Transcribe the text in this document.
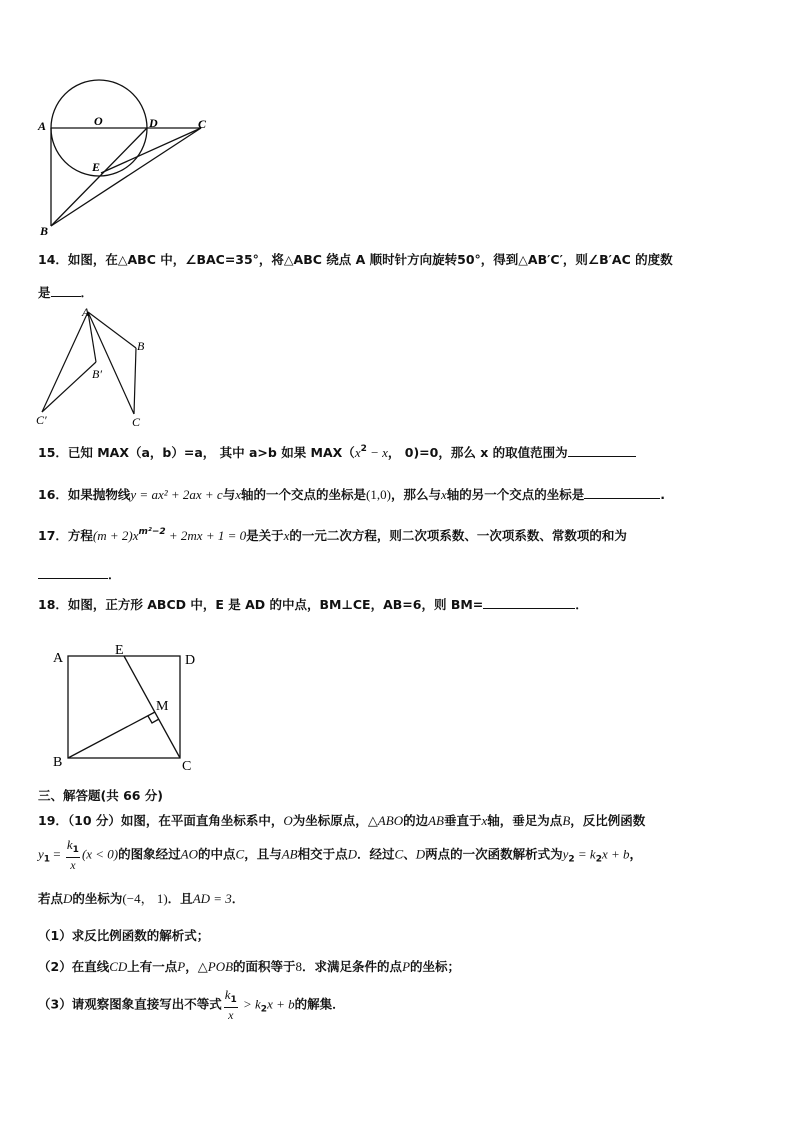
A	O	D	C
E
B
14．如图，在△ABC 中，∠BAC=35°，将△ABC 绕点 A 顺时针方向旋转50°，得到△AB′C′，则∠B′AC 的度数
是 ．
A
B
B′
C′	C
15．已知 MAX（a，b）=a， 其中 a>b 如果 $MAX(x^2 - x$， 0)=0，那么 x 的取值范围为
16．如果抛物线y = ax² + 2ax + c与x轴的一个交点的坐标是(1,0)，那么与x轴的另一个交点的坐标是	.
17．方程$(m + 2)x^{m^2-2} + 2mx + 1 = 0$是关于x的一元二次方程，则二次项系数、一次项系数、常数项的和为
．
18．如图，正方形 ABCD 中，E 是 AD 的中点，BM⊥CE，AB=6，则 BM=	．
A
E
D
M
B	C
三、解答题(共 66 分)
19．（10 分）如图，在平面直角坐标系中，O为坐标原点，△ABO的边AB垂直于x轴，垂足为点B，反比例函数
$y_1 = \frac{k_1}{x} (x < 0)$的图象经过AO的中点C，且与AB相交于点D．经过C、D两点的一次函数解析式为$y_2 = k_2x + b$，
若点D的坐标为(−4， 1)．且AD = 3．
（1）求反比例函数的解析式；
（2）在直线CD上有一点P，△POB的面积等于8．求满足条件的点P的坐标；
（3）请观察图象直接写出不等式 $\frac{k_1}{x} > k_2x + b$的解集．
